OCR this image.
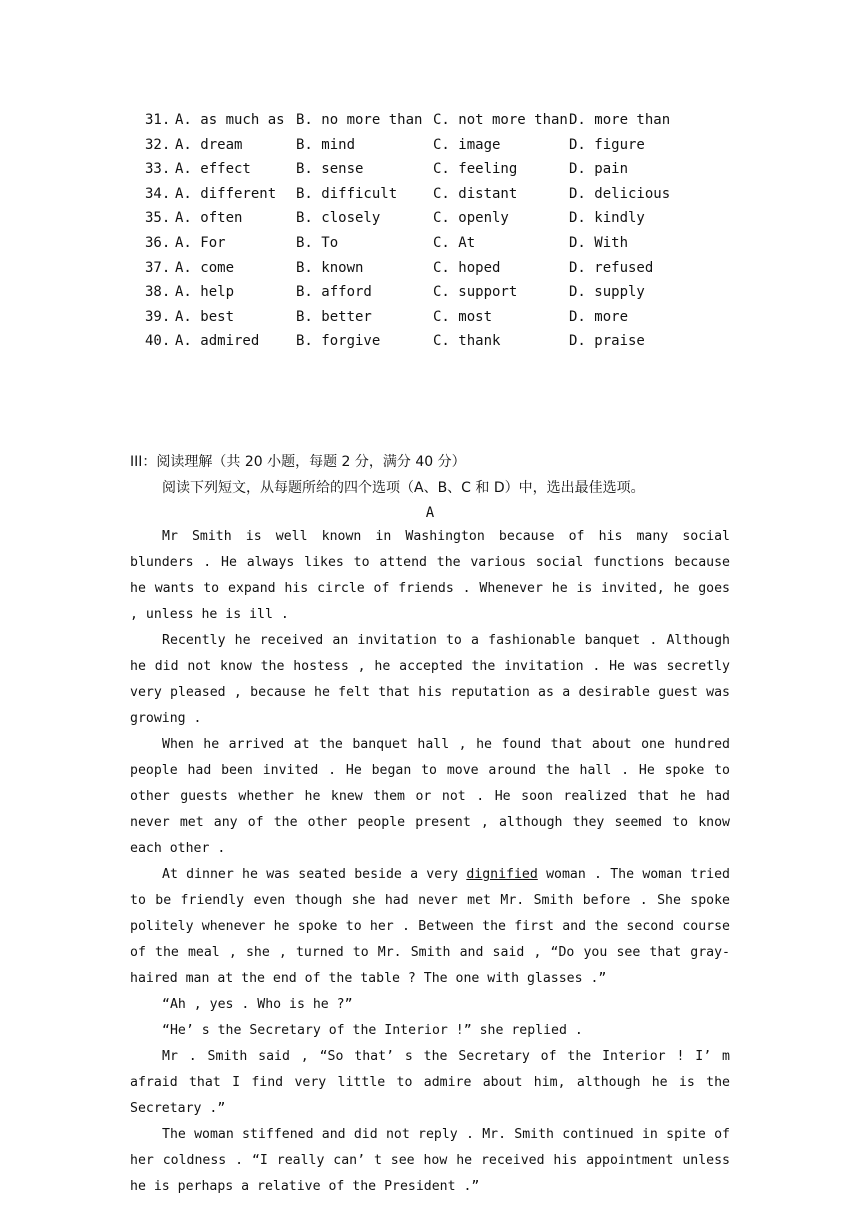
31. A. as much as B. no more than C. not more than D. more than
32. A. dream	B. mind	C. image	D. figure
33. A. effect	B. sense	C. feeling	D. pain
34. A. different B. difficult	C. distant	D. delicious
35. A. often	B. closely	C. openly	D. kindly
36. A. For	B. To	C. At	D. With
37. A. come	B. known	C. hoped	D. refused
38. A. help	B. afford	C. support	D. supply
39. A. best	B. better	C. most	D. more
40. A. admired	B. forgive	C. thank	D. praise
III：阅读理解（共 20 小题，每题 2 分，满分 40 分）
阅读下列短文，从每题所给的四个选项（A、B、C 和 D）中，选出最佳选项。
A

Mr Smith is well known in Washington because of his many social blunders . He always likes to attend the various social functions because he wants to expand his circle of friends . Whenever he is invited, he goes , unless he is ill .

Recently he received an invitation to a fashionable banquet . Although he did not know the hostess , he accepted the invitation . He was secretly very pleased , because he felt that his reputation as a desirable guest was growing .

When he arrived at the banquet hall , he found that about one hundred people had been invited . He began to move around the hall . He spoke to other guests whether he knew them or not . He soon realized that he had never met any of the other people present , although they seemed to know each other .

At dinner he was seated beside a very dignified woman . The woman tried to be friendly even though she had never met Mr. Smith before . She spoke politely whenever he spoke to her . Between the first and the second course of the meal , she , turned to Mr. Smith and said , “Do you see that gray-haired man at the end of the table ? The one with glasses .”

“Ah , yes . Who is he ?”

“He’ s the Secretary of the Interior !” she replied .

Mr . Smith said , “So that’ s the Secretary of the Interior ! I’ m afraid that I find very little to admire about him, although he is the Secretary .”

The woman stiffened and did not reply . Mr. Smith continued in spite of her coldness . “I really can’ t see how he received his appointment unless he is perhaps a relative of the President .”
